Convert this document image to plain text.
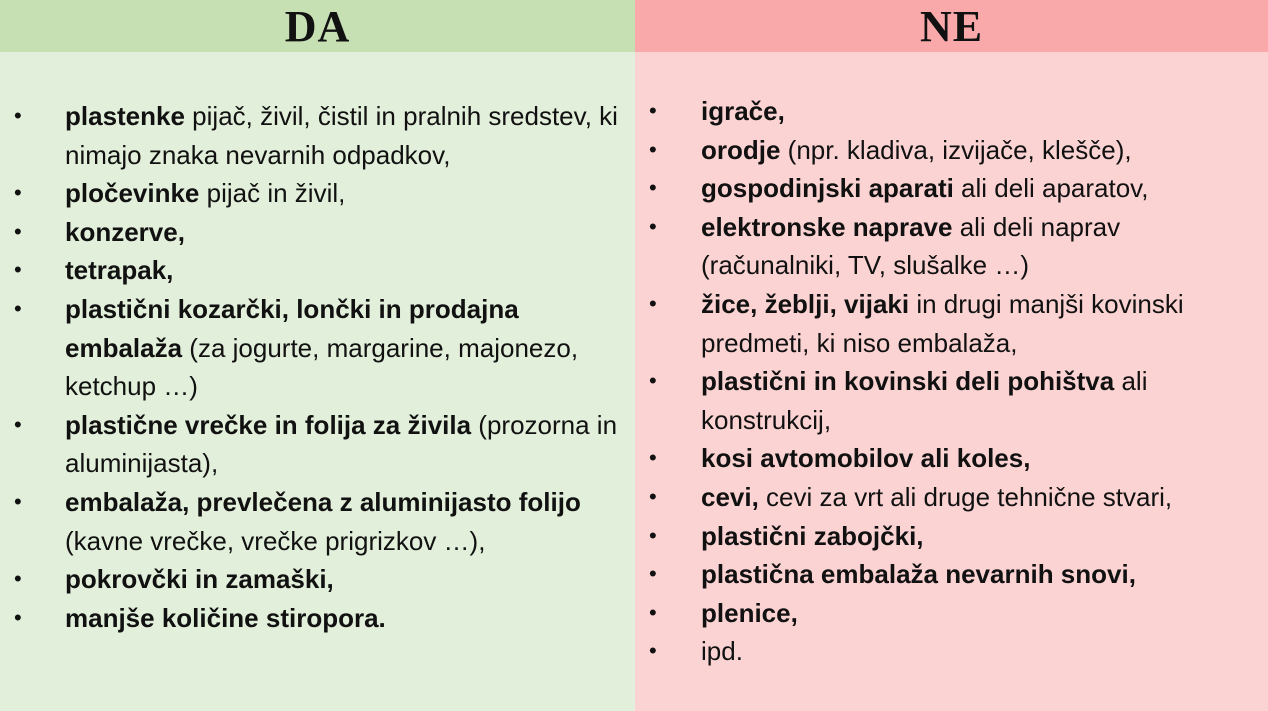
DA
• plastenke pijač, živil, čistil in pralnih sredstev, ki nimajo znaka nevarnih odpadkov,
• pločevinke pijač in živil,
• konzerve,
• tetrapak,
• plastični kozarčki, lončki in prodajna embalaža (za jogurte, margarine, majonezo, ketchup …)
• plastične vrečke in folija za živila (prozorna in aluminijasta),
• embalaža, prevlečena z aluminijasto folijo (kavne vrečke, vrečke prigrizkov …),
• pokrovčki in zamaški,
• manjše količine stiropora.
NE
• igrače,
• orodje (npr. kladiva, izvijače, klešče),
• gospodinjski aparati ali deli aparatov,
• elektronske naprave ali deli naprav (računalniki, TV, slušalke …)
• žice, žeblji, vijaki in drugi manjši kovinski predmeti, ki niso embalaža,
• plastični in kovinski deli pohištva ali konstrukcij,
• kosi avtomobilov ali koles,
• cevi, cevi za vrt ali druge tehnične stvari,
• plastični zabojčki,
• plastična embalaža nevarnih snovi,
• plenice,
• ipd.
